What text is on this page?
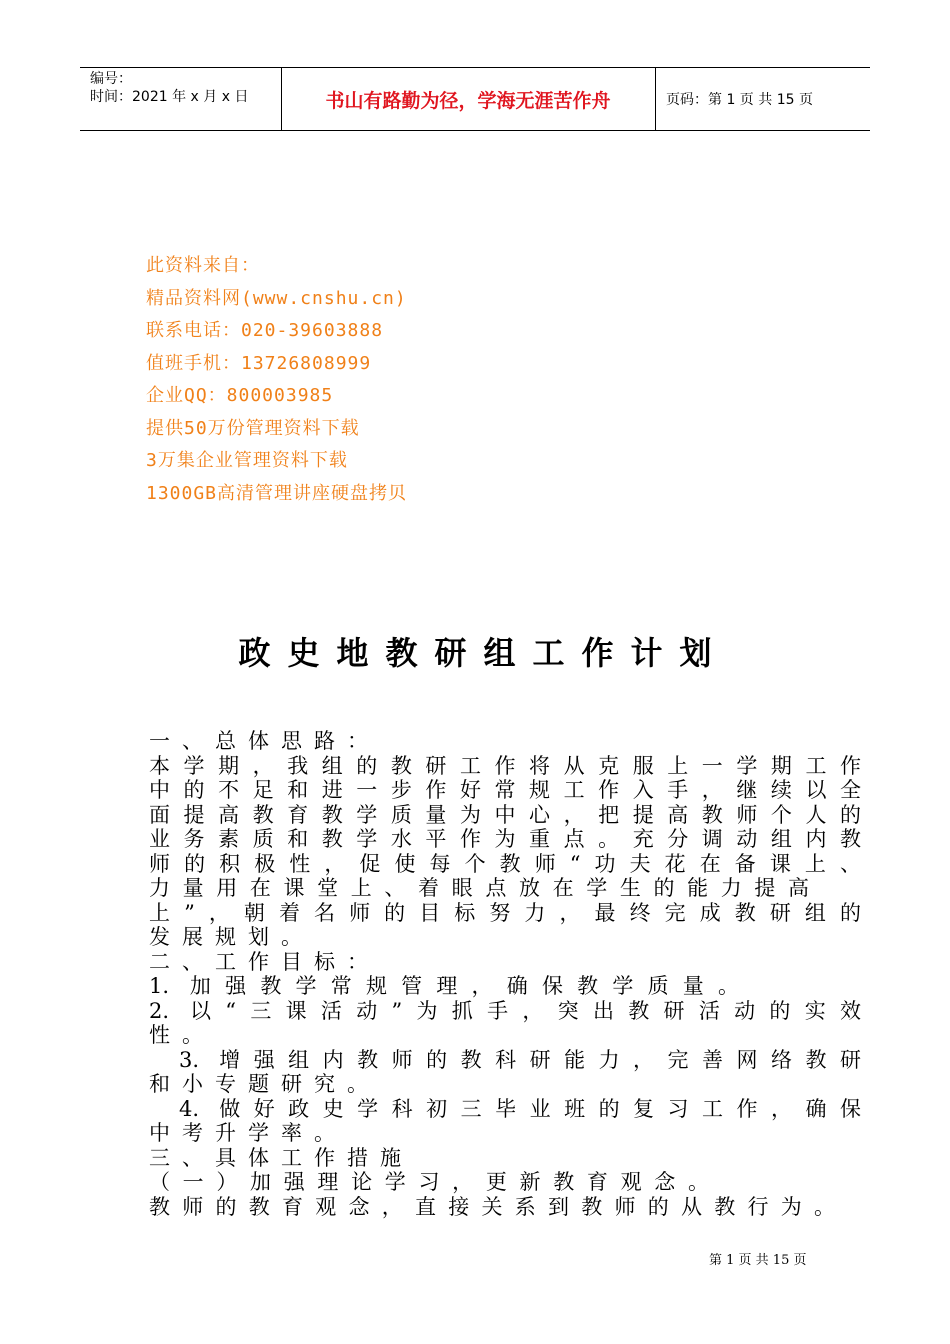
编号：
时间：2021 年 x 月 x 日	书山有路勤为径，学海无涯苦作舟	页码：第 1 页 共 15 页
此资料来自：
精品资料网(www.cnshu.cn)
联系电话：020-39603888
值班手机：13726808999
企业QQ：800003985
提供50万份管理资料下载
3万集企业管理资料下载
1300GB高清管理讲座硬盘拷贝
政史地教研组工作计划

一、总体思路：

本学期，我组的教研工作将从克服上一学期工作

中的不足和进一步作好常规工作入手，继续以全

面提高教育教学质量为中心，把提高教师个人的

业务素质和教学水平作为重点。充分调动组内教

师的积极性，促使每个教师“功夫花在备课上、

力量用在课堂上、着眼点放在学生的能力提高

上”，朝着名师的目标努力，最终完成教研组的

发展规划。

二、工作目标：

1. 加强教学常规管理，确保教学质量。

2. 以“三课活动”为抓手，突出教研活动的实效

性。

3. 增强组内教师的教科研能力，完善网络教研

和小专题研究。

4. 做好政史学科初三毕业班的复习工作，确保

中考升学率。

三、具体工作措施

（一）加强理论学习，更新教育观念。

教师的教育观念，直接关系到教师的从教行为。

第 1 页 共 15 页
